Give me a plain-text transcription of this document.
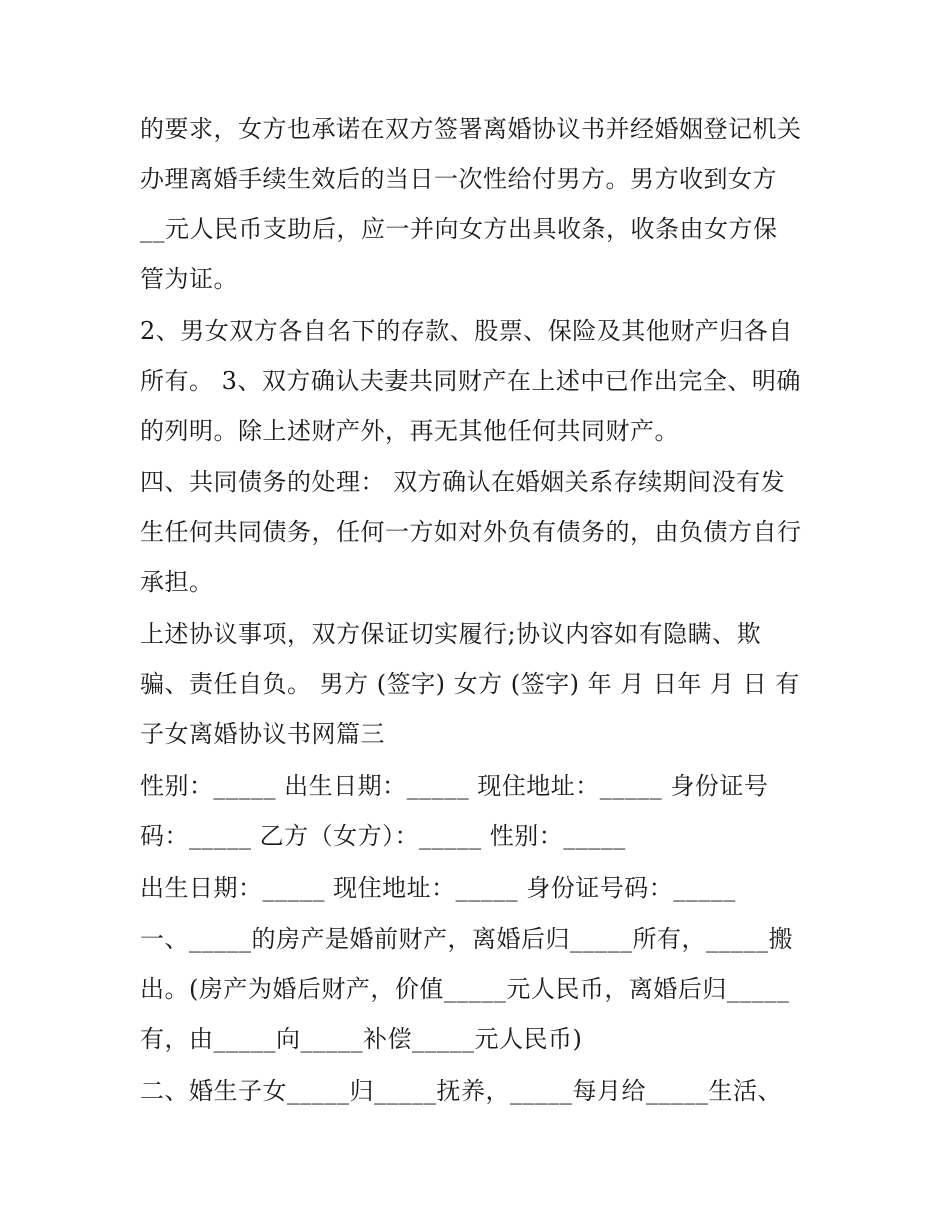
的要求，女方也承诺在双方签署离婚协议书并经婚姻登记机关
办理离婚手续生效后的当日一次性给付男方。男方收到女方
__元人民币支助后，应一并向女方出具收条，收条由女方保
管为证。
2、男女双方各自名下的存款、股票、保险及其他财产归各自
所有。 3、双方确认夫妻共同财产在上述中已作出完全、明确
的列明。除上述财产外，再无其他任何共同财产。
四、共同债务的处理： 双方确认在婚姻关系存续期间没有发
生任何共同债务，任何一方如对外负有债务的，由负债方自行
承担。
上述协议事项，双方保证切实履行;协议内容如有隐瞒、欺
骗、责任自负。 男方 (签字) 女方 (签字) 年 月 日年 月 日 有
子女离婚协议书网篇三
性别：_____ 出生日期：_____ 现住地址：_____ 身份证号
码：_____ 乙方（女方）：_____ 性别：_____
出生日期：_____ 现住地址：_____ 身份证号码：_____
一、_____的房产是婚前财产，离婚后归_____所有，_____搬
出。(房产为婚后财产，价值_____元人民币，离婚后归_____
有，由_____向_____补偿_____元人民币)
二、婚生子女_____归_____抚养，_____每月给_____生活、
